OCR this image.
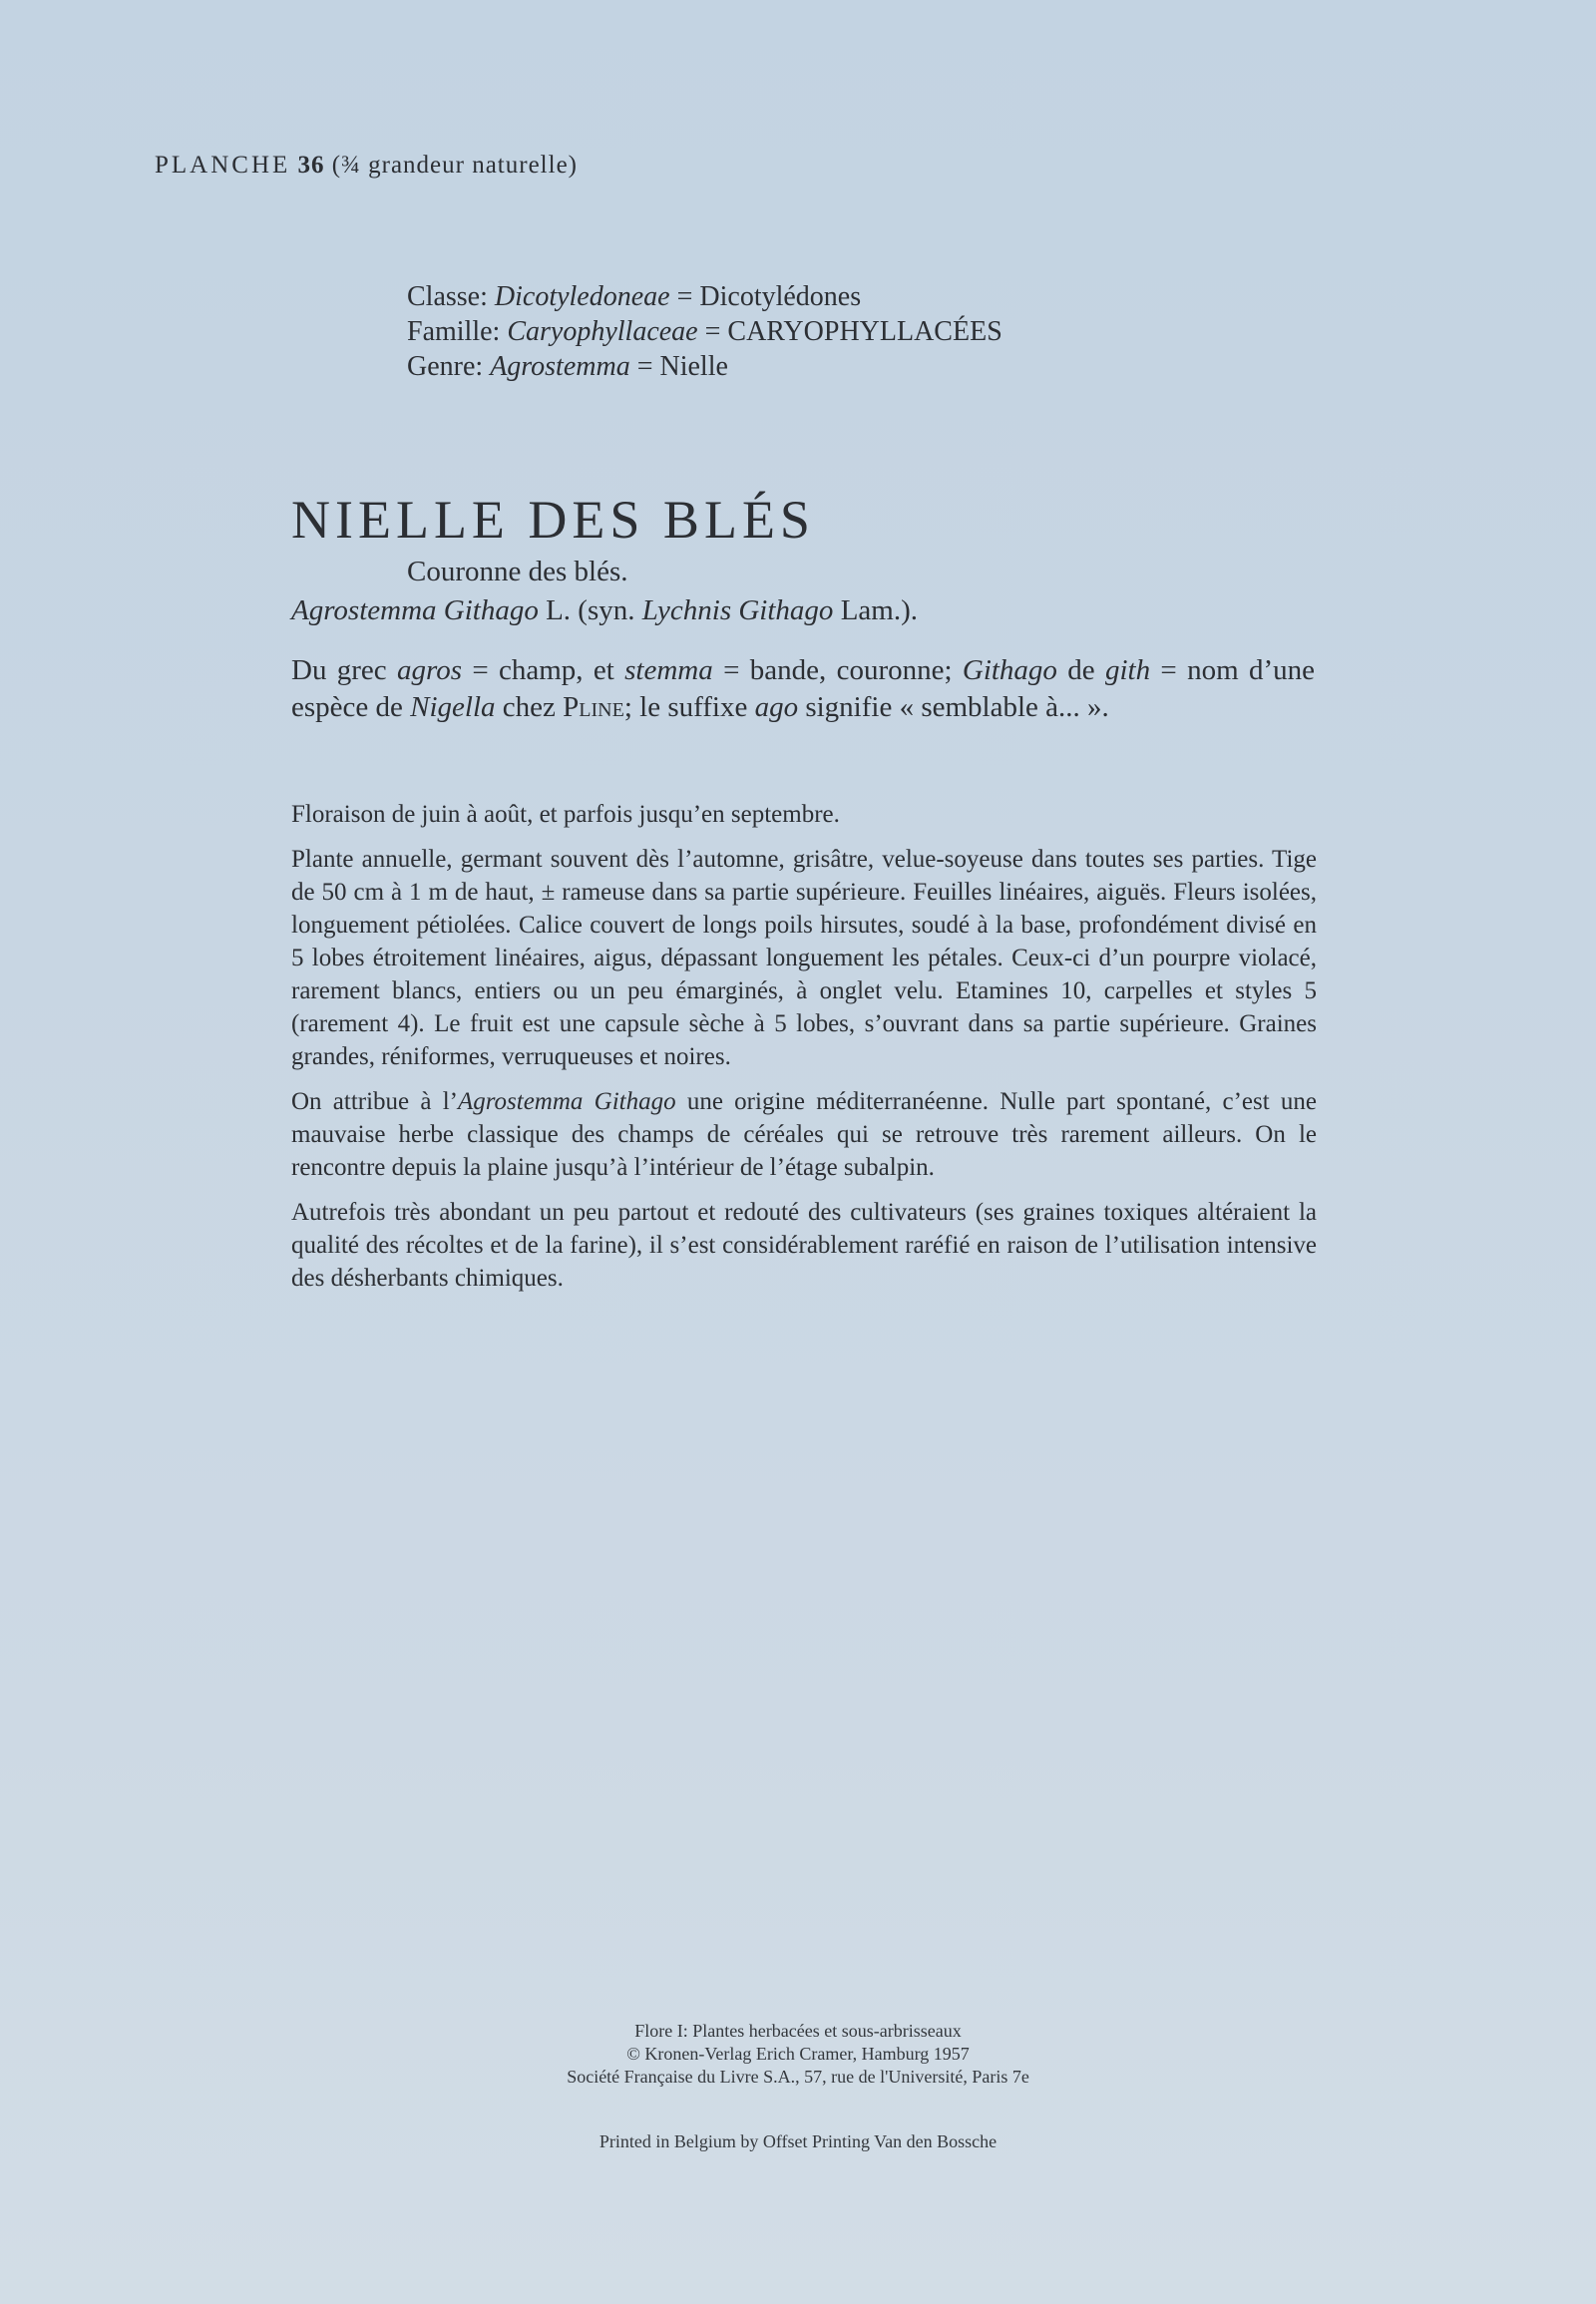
PLANCHE 36 (¾ grandeur naturelle)
Classe: Dicotyledoneae = Dicotylédones
Famille: Caryophyllaceae = CARYOPHYLLACÉES
Genre: Agrostemma = Nielle
NIELLE DES BLÉS
Couronne des blés.
Agrostemma Githago L. (syn. Lychnis Githago Lam.).
Du grec agros = champ, et stemma = bande, couronne; Githago de gith = nom d’une espèce de Nigella chez Pline; le suffixe ago signifie « semblable à... ».

Floraison de juin à août, et parfois jusqu’en septembre.

Plante annuelle, germant souvent dès l’automne, grisâtre, velue-soyeuse dans toutes ses parties. Tige de 50 cm à 1 m de haut, ± rameuse dans sa partie supérieure. Feuilles linéaires, aiguës. Fleurs isolées, longuement pétiolées. Calice couvert de longs poils hirsutes, soudé à la base, profondément divisé en 5 lobes étroitement linéaires, aigus, dépassant longuement les pétales. Ceux-ci d’un pourpre violacé, rarement blancs, entiers ou un peu émarginés, à onglet velu. Etamines 10, carpelles et styles 5 (rarement 4). Le fruit est une capsule sèche à 5 lobes, s’ouvrant dans sa partie supérieure. Graines grandes, réniformes, verruqueuses et noires.

On attribue à l’Agrostemma Githago une origine méditerranéenne. Nulle part spontané, c’est une mauvaise herbe classique des champs de céréales qui se retrouve très rarement ailleurs. On le rencontre depuis la plaine jusqu’à l’intérieur de l’étage subalpin.

Autrefois très abondant un peu partout et redouté des cultivateurs (ses graines toxiques altéraient la qualité des récoltes et de la farine), il s’est considérablement raréfié en raison de l’utilisation intensive des désherbants chimiques.

Flore I: Plantes herbacées et sous-arbrisseaux
© Kronen-Verlag Erich Cramer, Hamburg 1957
Société Française du Livre S.A., 57, rue de l'Université, Paris 7e
Printed in Belgium by Offset Printing Van den Bossche
